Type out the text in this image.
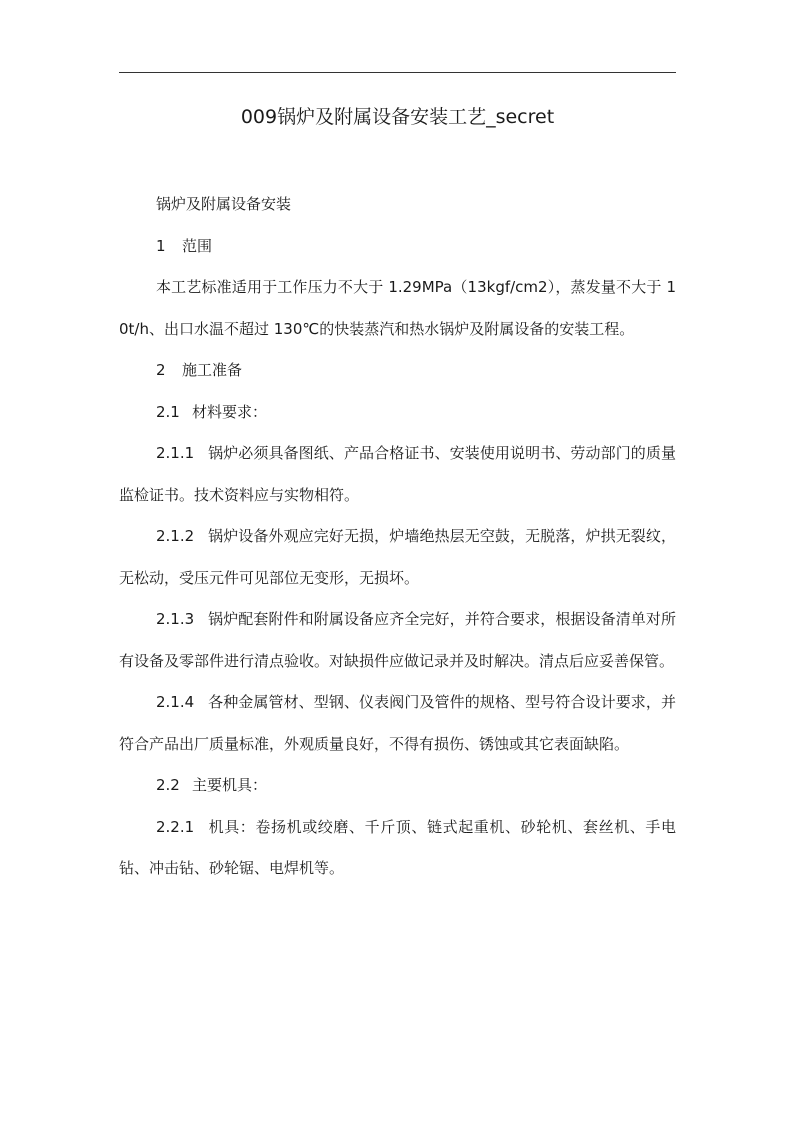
009锅炉及附属设备安装工艺_secret

锅炉及附属设备安装

1 范围

本工艺标准适用于工作压力不大于 1.29MPa（13kgf/cm2），蒸发量不大于 10t/h、出口水温不超过 130℃的快装蒸汽和热水锅炉及附属设备的安装工程。

2 施工准备

2.1 材料要求：

2.1.1 锅炉必须具备图纸、产品合格证书、安装使用说明书、劳动部门的质量监检证书。技术资料应与实物相符。

2.1.2 锅炉设备外观应完好无损，炉墙绝热层无空鼓，无脱落，炉拱无裂纹，无松动，受压元件可见部位无变形，无损坏。

2.1.3 锅炉配套附件和附属设备应齐全完好，并符合要求，根据设备清单对所有设备及零部件进行清点验收。对缺损件应做记录并及时解决。清点后应妥善保管。

2.1.4 各种金属管材、型钢、仪表阀门及管件的规格、型号符合设计要求，并符合产品出厂质量标准，外观质量良好，不得有损伤、锈蚀或其它表面缺陷。

2.2 主要机具：

2.2.1 机具：卷扬机或绞磨、千斤顶、链式起重机、砂轮机、套丝机、手电钻、冲击钻、砂轮锯、电焊机等。
